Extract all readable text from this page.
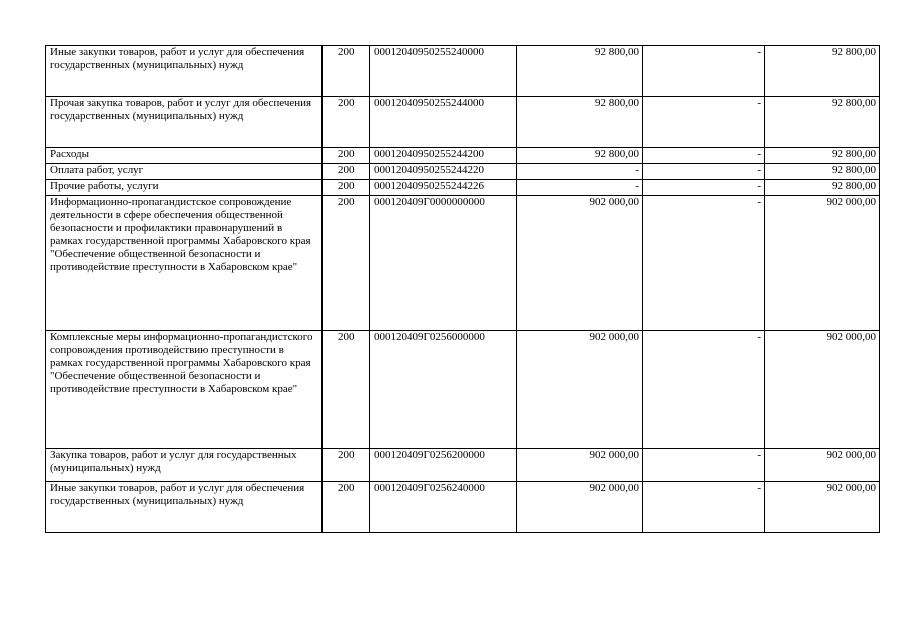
Иные закупки товаров, работ и услуг для обеспечения государственных (муниципальных) нужд	200	00012040950255240000	92 800,00	-	92 800,00
Прочая закупка товаров, работ и услуг для обеспечения государственных (муниципальных) нужд	200	00012040950255244000	92 800,00	-	92 800,00
Расходы	200	00012040950255244200	92 800,00	-	92 800,00
Оплата работ, услуг	200	00012040950255244220	-	-	92 800,00
Прочие работы, услуги	200	00012040950255244226	-	-	92 800,00
Информационно-пропагандистское сопровождение деятельности в сфере обеспечения общественной безопасности и профилактики правонарушений в рамках государственной программы Хабаровского края "Обеспечение общественной безопасности и противодействие преступности в Хабаровском крае"	200	000120409Г0000000000	902 000,00	-	902 000,00
Комплексные меры информационно-пропагандистского сопровождения противодействию преступности в рамках государственной программы Хабаровского края "Обеспечение общественной безопасности и противодействие преступности в Хабаровском крае"	200	000120409Г0256000000	902 000,00	-	902 000,00
Закупка товаров, работ и услуг для государственных (муниципальных) нужд	200	000120409Г0256200000	902 000,00	-	902 000,00
Иные закупки товаров, работ и услуг для обеспечения государственных (муниципальных) нужд	200	000120409Г0256240000	902 000,00	-	902 000,00
